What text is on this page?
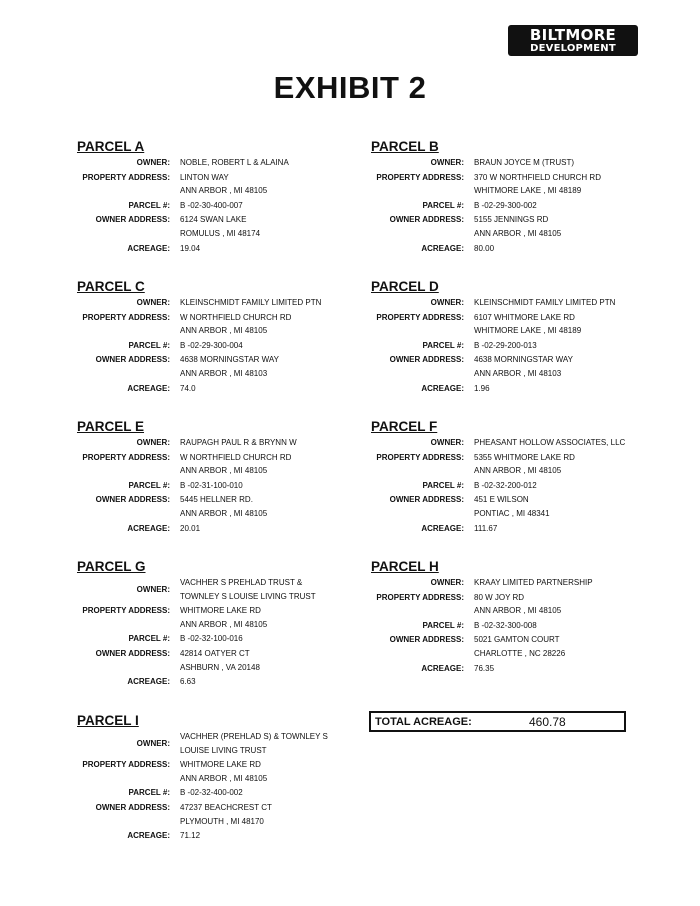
BILTMORE
DEVELOPMENT
EXHIBIT 2
PARCEL A
OWNER:	NOBLE, ROBERT L & ALAINA
PROPERTY ADDRESS:	LINTON WAY
ANN ARBOR , MI 48105
PARCEL #:	B -02-30-400-007
OWNER ADDRESS:	6124 SWAN LAKE
ROMULUS , MI 48174
ACREAGE:	19.04
PARCEL B
OWNER:	BRAUN JOYCE M (TRUST)
PROPERTY ADDRESS:	370 W NORTHFIELD CHURCH RD
WHITMORE LAKE , MI 48189
PARCEL #:	B -02-29-300-002
OWNER ADDRESS:	5155 JENNINGS RD
ANN ARBOR , MI 48105
ACREAGE:	80.00
PARCEL C
OWNER:	KLEINSCHMIDT FAMILY LIMITED PTN
PROPERTY ADDRESS:	W NORTHFIELD CHURCH RD
ANN ARBOR , MI 48105
PARCEL #:	B -02-29-300-004
OWNER ADDRESS:	4638 MORNINGSTAR WAY
ANN ARBOR , MI 48103
ACREAGE:	74.0
PARCEL D
OWNER:	KLEINSCHMIDT FAMILY LIMITED PTN
PROPERTY ADDRESS:	6107 WHITMORE LAKE RD
WHITMORE LAKE , MI 48189
PARCEL #:	B -02-29-200-013
OWNER ADDRESS:	4638 MORNINGSTAR WAY
ANN ARBOR , MI 48103
ACREAGE:	1.96
PARCEL E
OWNER:	RAUPAGH PAUL R & BRYNN W
PROPERTY ADDRESS:	W NORTHFIELD CHURCH RD
ANN ARBOR , MI 48105
PARCEL #:	B -02-31-100-010
OWNER ADDRESS:	5445 HELLNER RD.
ANN ARBOR , MI 48105
ACREAGE:	20.01
PARCEL F
OWNER:	PHEASANT HOLLOW ASSOCIATES, LLC
PROPERTY ADDRESS:	5355 WHITMORE LAKE RD
ANN ARBOR , MI 48105
PARCEL #:	B -02-32-200-012
OWNER ADDRESS:	451 E WILSON
PONTIAC , MI 48341
ACREAGE:	111.67
PARCEL G
OWNER:
VACHHER S PREHLAD TRUST &
TOWNLEY S LOUISE LIVING TRUST
PROPERTY ADDRESS:	WHITMORE LAKE RD
ANN ARBOR , MI 48105
PARCEL #:	B -02-32-100-016
OWNER ADDRESS:	42814 OATYER CT
ASHBURN , VA 20148
ACREAGE:	6.63
PARCEL H
OWNER:	KRAAY LIMITED PARTNERSHIP
PROPERTY ADDRESS:	80 W JOY RD
ANN ARBOR , MI 48105
PARCEL #:	B -02-32-300-008
OWNER ADDRESS:	5021 GAMTON COURT
CHARLOTTE , NC 28226
ACREAGE:	76.35
PARCEL I
OWNER:
VACHHER (PREHLAD S) & TOWNLEY S
LOUISE LIVING TRUST
PROPERTY ADDRESS:	WHITMORE LAKE RD
ANN ARBOR , MI 48105
PARCEL #:	B -02-32-400-002
OWNER ADDRESS:	47237 BEACHCREST CT
PLYMOUTH , MI 48170
ACREAGE:	71.12
TOTAL ACREAGE:	460.78
